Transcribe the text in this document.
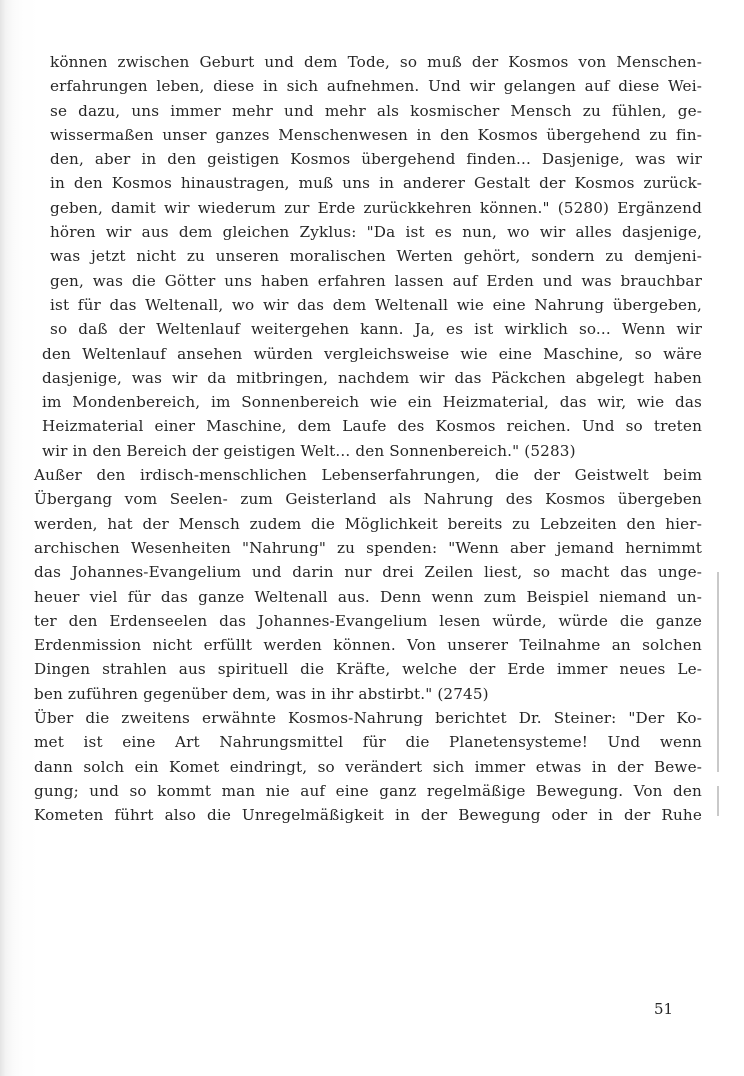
können zwischen Geburt und dem Tode, so muß der Kosmos von Menschen-
erfahrungen leben, diese in sich aufnehmen. Und wir gelangen auf diese Wei-
se dazu, uns immer mehr und mehr als kosmischer Mensch zu fühlen, ge-
wissermaßen unser ganzes Menschenwesen in den Kosmos übergehend zu fin-
den, aber in den geistigen Kosmos übergehend finden... Dasjenige, was wir
in den Kosmos hinaustragen, muß uns in anderer Gestalt der Kosmos zurück-
geben, damit wir wiederum zur Erde zurückkehren können." (5280) Ergänzend
hören wir aus dem gleichen Zyklus: "Da ist es nun, wo wir alles dasjenige,
was jetzt nicht zu unseren moralischen Werten gehört, sondern zu demjeni-
gen, was die Götter uns haben erfahren lassen auf Erden und was brauchbar
ist für das Weltenall, wo wir das dem Weltenall wie eine Nahrung übergeben,
so daß der Weltenlauf weitergehen kann. Ja, es ist wirklich so... Wenn wir
den Weltenlauf ansehen würden vergleichsweise wie eine Maschine, so wäre
dasjenige, was wir da mitbringen, nachdem wir das Päckchen abgelegt haben
im Mondenbereich, im Sonnenbereich wie ein Heizmaterial, das wir, wie das
Heizmaterial einer Maschine, dem Laufe des Kosmos reichen. Und so treten
wir in den Bereich der geistigen Welt... den Sonnenbereich." (5283)
Außer den irdisch-menschlichen Lebenserfahrungen, die der Geistwelt beim
Übergang vom Seelen- zum Geisterland als Nahrung des Kosmos übergeben
werden, hat der Mensch zudem die Möglichkeit bereits zu Lebzeiten den hier-
archischen Wesenheiten "Nahrung" zu spenden: "Wenn aber jemand hernimmt
das Johannes-Evangelium und darin nur drei Zeilen liest, so macht das unge-
heuer viel für das ganze Weltenall aus. Denn wenn zum Beispiel niemand un-
ter den Erdenseelen das Johannes-Evangelium lesen würde, würde die ganze
Erdenmission nicht erfüllt werden können. Von unserer Teilnahme an solchen
Dingen strahlen aus spirituell die Kräfte, welche der Erde immer neues Le-
ben zuführen gegenüber dem, was in ihr abstirbt." (2745)
Über die zweitens erwähnte Kosmos-Nahrung berichtet Dr. Steiner: "Der Ko-
met ist eine Art Nahrungsmittel für die Planetensysteme! Und wenn
dann solch ein Komet eindringt, so verändert sich immer etwas in der Bewe-
gung; und so kommt man nie auf eine ganz regelmäßige Bewegung. Von den
Kometen führt also die Unregelmäßigkeit in der Bewegung oder in der Ruhe
51
